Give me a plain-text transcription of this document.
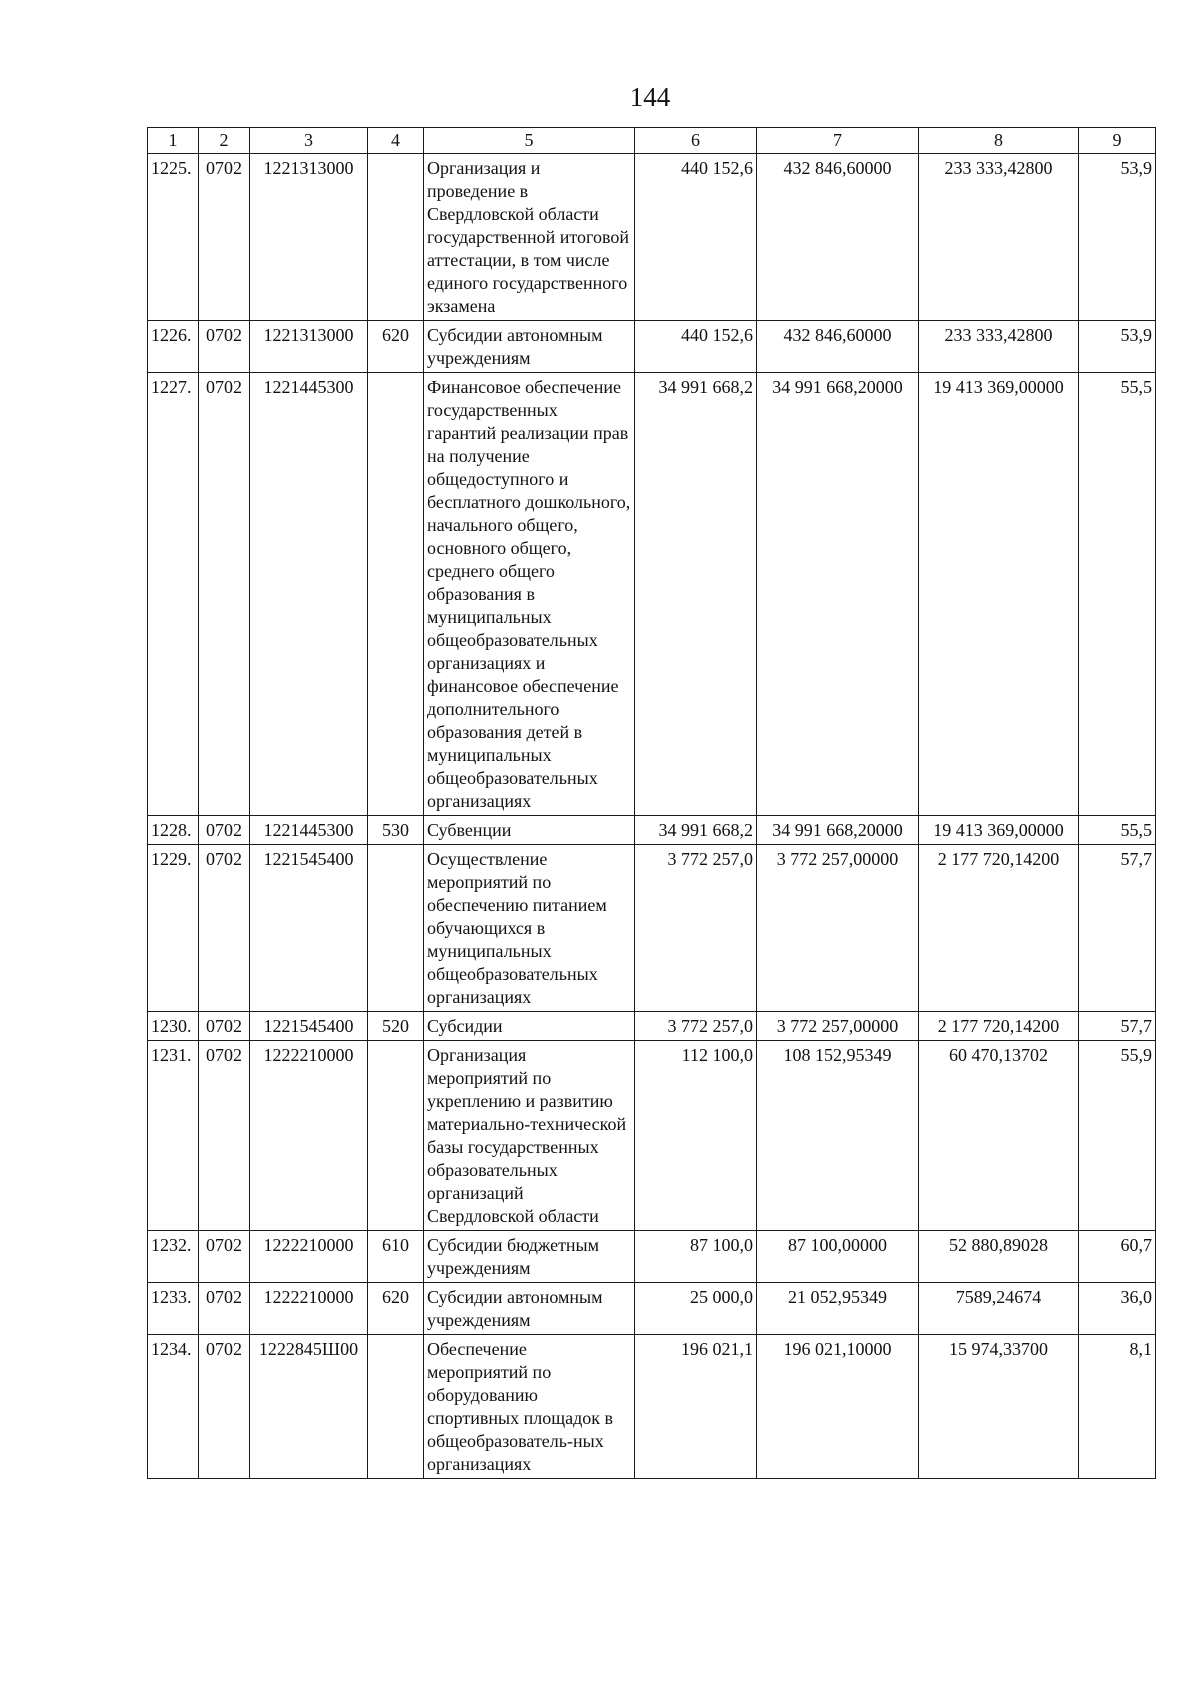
144
1	2	3	4	5	6	7	8	9
1225.	0702	1221313000		Организация и проведение в Свердловской области государственной итоговой аттестации, в том числе единого государственного экзамена	440 152,6	432 846,60000	233 333,42800	53,9
1226.	0702	1221313000	620	Субсидии автономным учреждениям	440 152,6	432 846,60000	233 333,42800	53,9
1227.	0702	1221445300		Финансовое обеспечение государственных гарантий реализации прав на получение общедоступного и бесплатного дошкольного, начального общего, основного общего, среднего общего образования в муниципальных общеобразовательных организациях и финансовое обеспечение дополнительного образования детей в муниципальных общеобразовательных организациях	34 991 668,2	34 991 668,20000	19 413 369,00000	55,5
1228.	0702	1221445300	530	Субвенции	34 991 668,2	34 991 668,20000	19 413 369,00000	55,5
1229.	0702	1221545400		Осуществление мероприятий по обеспечению питанием обучающихся в муниципальных общеобразовательных организациях	3 772 257,0	3 772 257,00000	2 177 720,14200	57,7
1230.	0702	1221545400	520	Субсидии	3 772 257,0	3 772 257,00000	2 177 720,14200	57,7
1231.	0702	1222210000		Организация мероприятий по укреплению и развитию материально-технической базы государственных образовательных организаций Свердловской области	112 100,0	108 152,95349	60 470,13702	55,9
1232.	0702	1222210000	610	Субсидии бюджетным учреждениям	87 100,0	87 100,00000	52 880,89028	60,7
1233.	0702	1222210000	620	Субсидии автономным учреждениям	25 000,0	21 052,95349	7589,24674	36,0
1234.	0702	1222845Ш00		Обеспечение мероприятий по оборудованию спортивных площадок в общеобразователь-ных организациях	196 021,1	196 021,10000	15 974,33700	8,1
